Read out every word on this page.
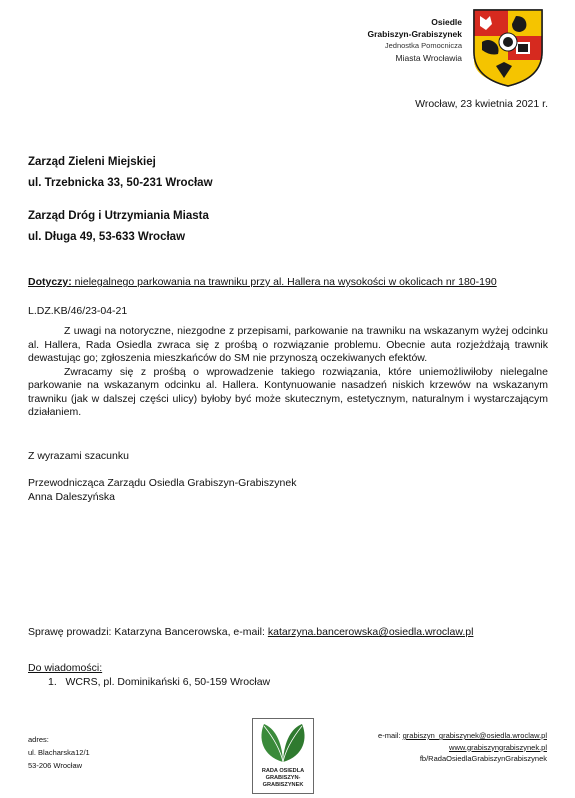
Osiedle
Grabiszyn-Grabiszynek
Jednostka Pomocnicza
Miasta Wrocławia
Wrocław, 23 kwietnia 2021 r.
Zarząd Zieleni Miejskiej
ul. Trzebnicka 33, 50-231 Wrocław
Zarząd Dróg i Utrzymiania Miasta
ul. Długa 49, 53-633 Wrocław
Dotyczy: nielegalnego parkowania na trawniku przy al. Hallera na wysokości w okolicach nr 180-190
L.DZ.KB/46/23-04-21

Z uwagi na notoryczne, niezgodne z przepisami, parkowanie na trawniku na wskazanym wyżej odcinku al. Hallera, Rada Osiedla zwraca się z prośbą o rozwiązanie problemu. Obecnie auta rozjeżdżają trawnik dewastując go; zgłoszenia mieszkańców do SM nie przynoszą oczekiwanych efektów.

Zwracamy się z prośbą o wprowadzenie takiego rozwiązania, które uniemożliwiłoby nielegalne parkowanie na wskazanym odcinku al. Hallera. Kontynuowanie nasadzeń niskich krzewów na wskazanym trawniku (jak w dalszej części ulicy) byłoby być może skutecznym, estetycznym, naturalnym i wystarczającym działaniem.

Z wyrazami szacunku
Przewodnicząca Zarządu Osiedla Grabiszyn-Grabiszynek
Anna Daleszyńska
Sprawę prowadzi: Katarzyna Bancerowska, e-mail: katarzyna.bancerowska@osiedla.wroclaw.pl
Do wiadomości:
1.   WCRS, pl. Dominikański 6, 50-159 Wrocław
adres:
ul. Blacharska12/1
53-206 Wrocław
RADA OSIEDLA
GRABISZYN-
GRABISZYNEK
e-mail: grabiszyn_grabiszynek@osiedla.wroclaw.pl
www.grabiszyngrabiszynek.pl
fb/RadaOsiedlaGrabiszynGrabiszynek
